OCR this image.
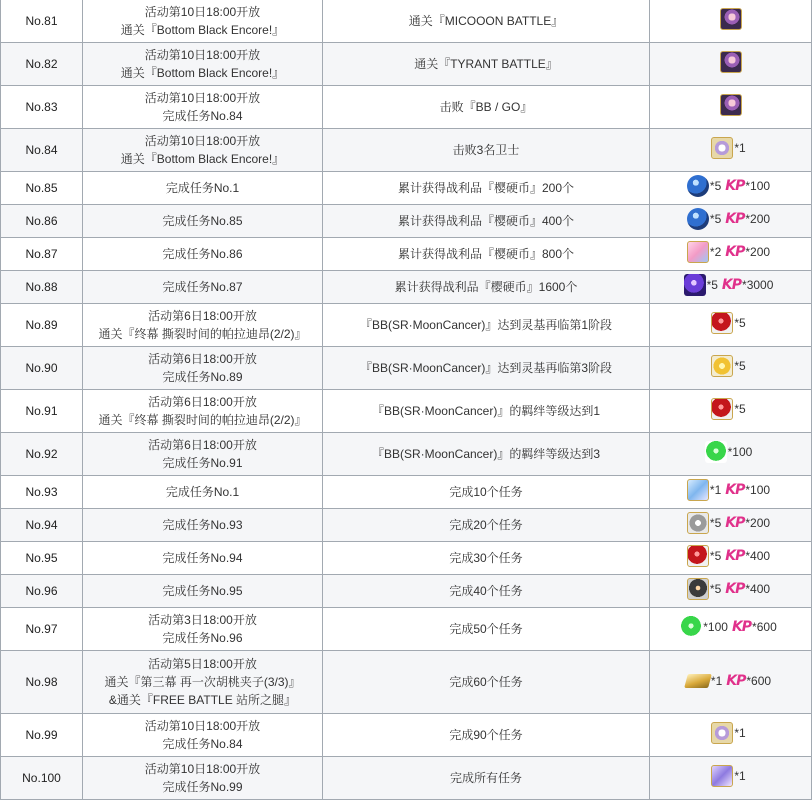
No.81	活动第10日18:00开放
通关『Bottom Black Encore!』	通关『MICOOON BATTLE』	

No.82	活动第10日18:00开放
通关『Bottom Black Encore!』	通关『TYRANT BATTLE』	

No.83	活动第10日18:00开放
完成任务No.84	击败『BB / GO』	

No.84	活动第10日18:00开放
通关『Bottom Black Encore!』	击败3名卫士	*1

No.85	完成任务No.1	累计获得战利品『樱硬币』200个	*5 KP *100

No.86	完成任务No.85	累计获得战利品『樱硬币』400个	*5 KP *200

No.87	完成任务No.86	累计获得战利品『樱硬币』800个	*2 KP *200

No.88	完成任务No.87	累计获得战利品『樱硬币』1600个	*5 KP *3000

No.89	活动第6日18:00开放
通关『终幕 撕裂时间的帕拉迪昂(2/2)』	『BB(SR·MoonCancer)』达到灵基再临第1阶段	*5

No.90	活动第6日18:00开放
完成任务No.89	『BB(SR·MoonCancer)』达到灵基再临第3阶段	*5

No.91	活动第6日18:00开放
通关『终幕 撕裂时间的帕拉迪昂(2/2)』	『BB(SR·MoonCancer)』的羁绊等级达到1	*5

No.92	活动第6日18:00开放
完成任务No.91	『BB(SR·MoonCancer)』的羁绊等级达到3	*100

No.93	完成任务No.1	完成10个任务	*1 KP *100

No.94	完成任务No.93	完成20个任务	*5 KP *200

No.95	完成任务No.94	完成30个任务	*5 KP *400

No.96	完成任务No.95	完成40个任务	*5 KP *400

No.97	活动第3日18:00开放
完成任务No.96	完成50个任务	*100 KP *600

No.98	活动第5日18:00开放
通关『第三幕 再一次胡桃夹子(3/3)』
&通关『FREE BATTLE 站所之腿』	完成60个任务	*1 KP *600

No.99	活动第10日18:00开放
完成任务No.84	完成90个任务	*1

No.100	活动第10日18:00开放
完成任务No.99	完成所有任务	*1
